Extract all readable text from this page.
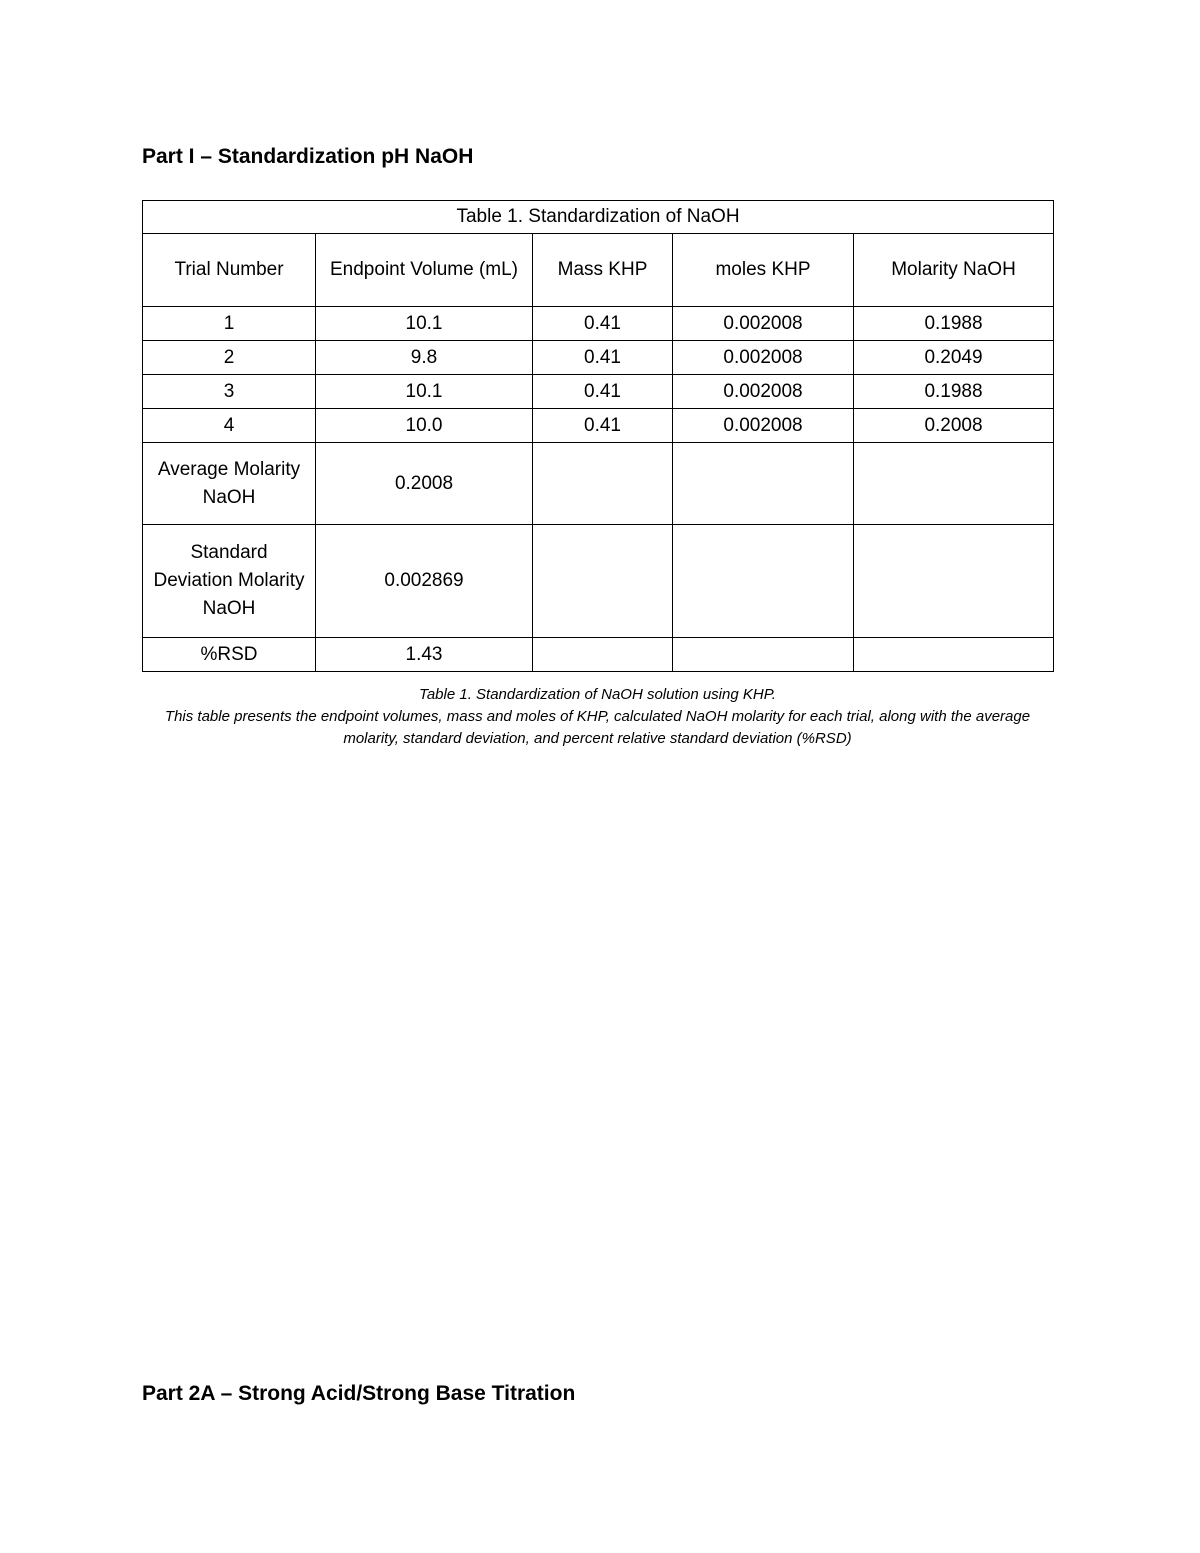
Part I – Standardization pH NaOH
Table 1. Standardization of NaOH				
Trial Number	Endpoint Volume (mL)	Mass KHP	moles KHP	Molarity NaOH
1	10.1	0.41	0.002008	0.1988
2	9.8	0.41	0.002008	0.2049
3	10.1	0.41	0.002008	0.1988
4	10.0	0.41	0.002008	0.2008
Average Molarity NaOH	0.2008			
Standard Deviation Molarity NaOH	0.002869			
%RSD	1.43			

Table 1. Standardization of NaOH solution using KHP.

This table presents the endpoint volumes, mass and moles of KHP, calculated NaOH molarity for each trial, along with the average molarity, standard deviation, and percent relative standard deviation (%RSD)

Part 2A – Strong Acid/Strong Base Titration
